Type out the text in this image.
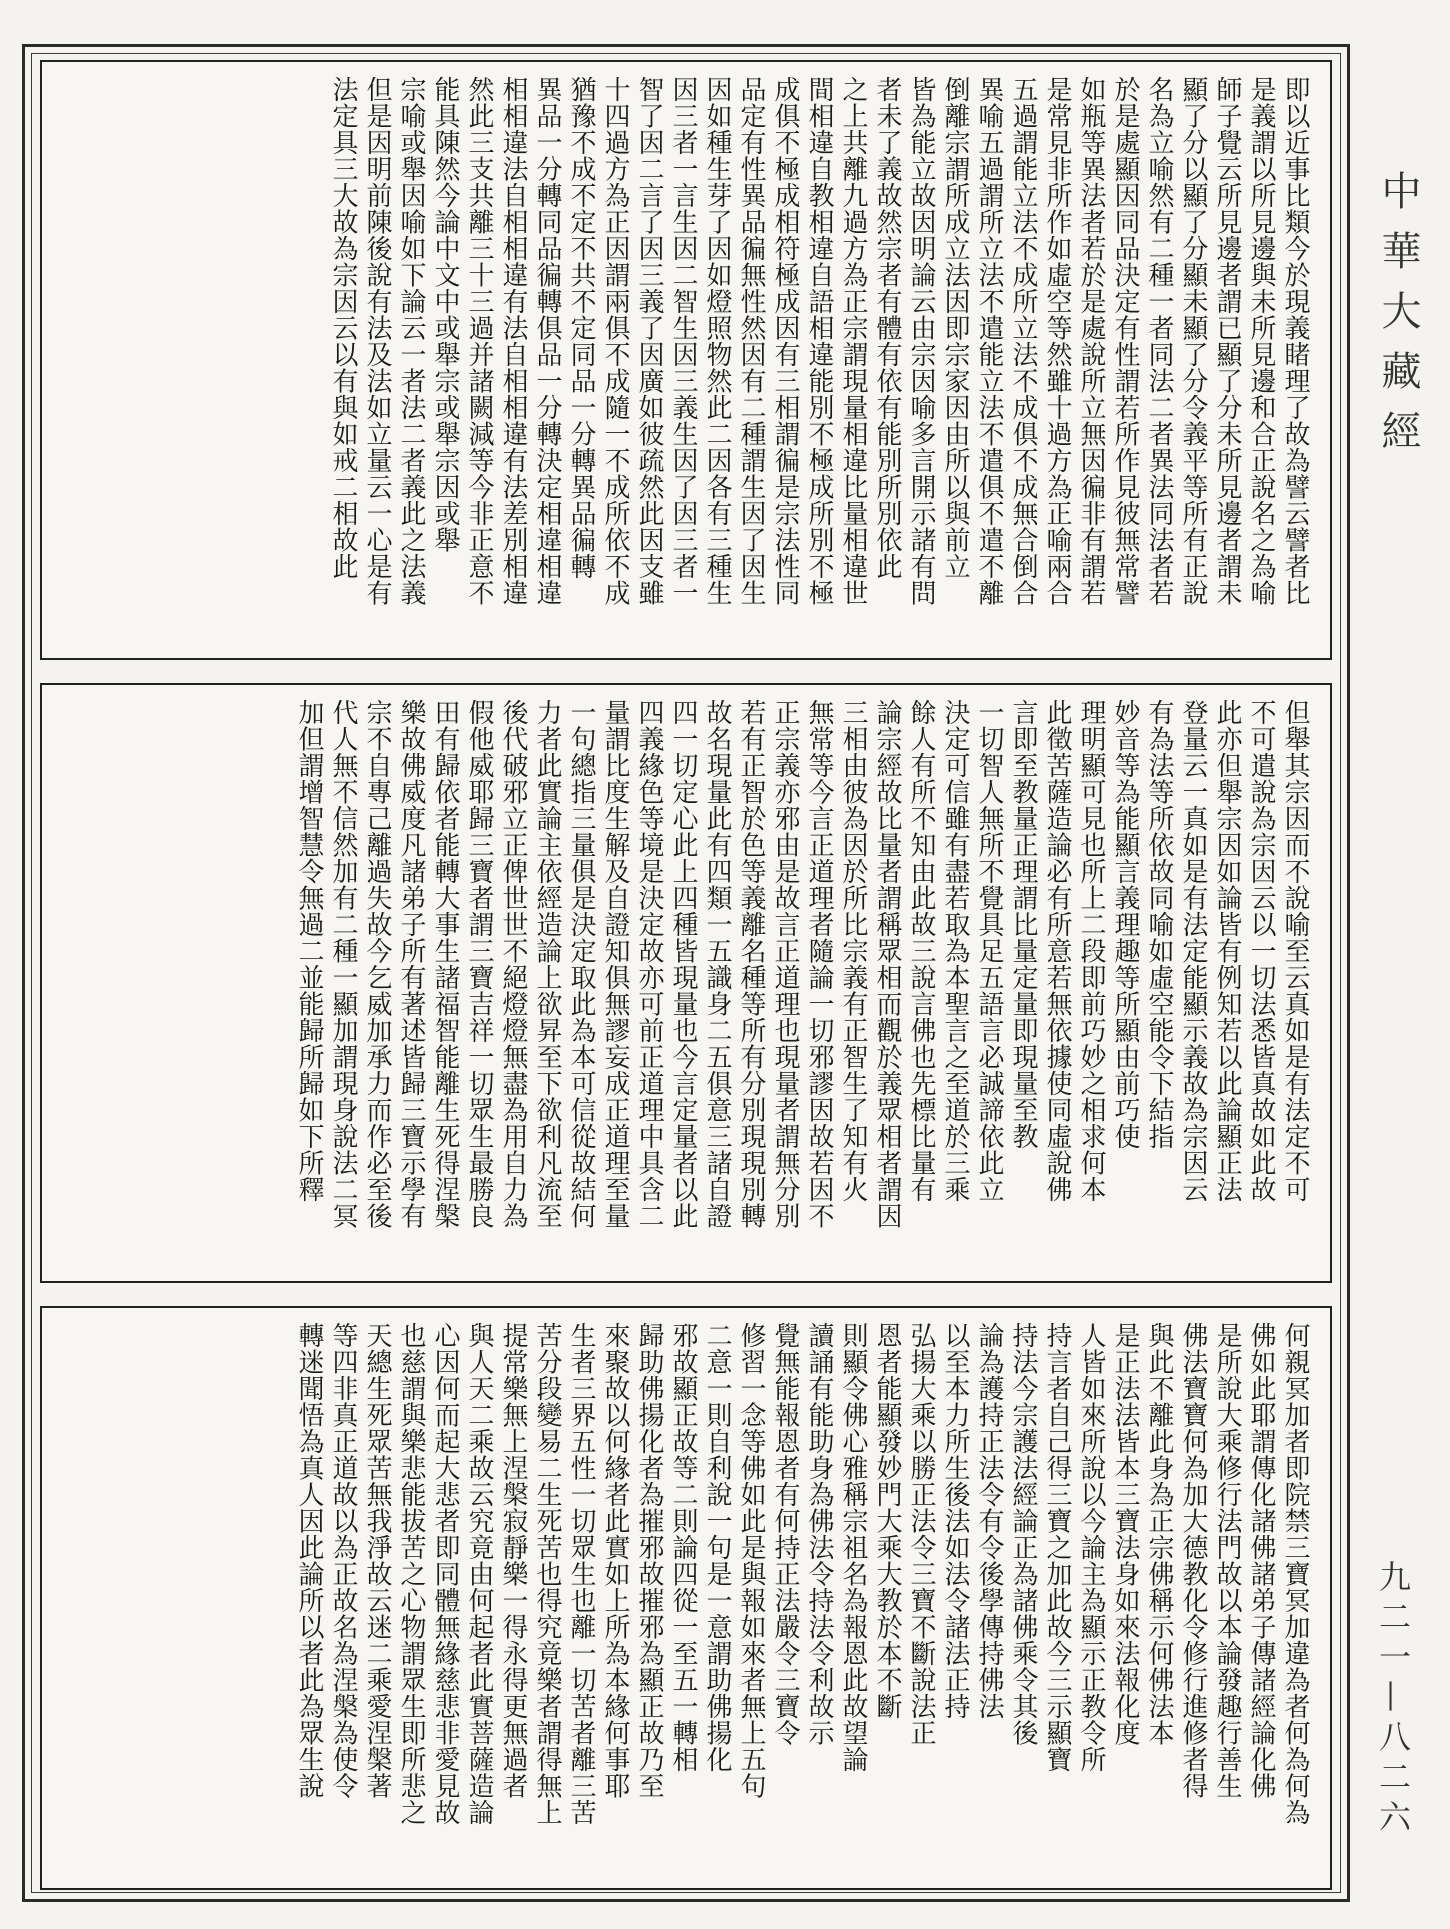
即以近事比類今於現義睹理了故為譬云譬者比
是義謂以所見邊與未所見邊和合正說名之為喻
師子覺云所見邊者謂已顯了分未所見邊者謂未
顯了分以顯了分顯未顯了分令義平等所有正說
名為立喻然有二種一者同法二者異法同法者若
於是處顯因同品決定有性謂若所作見彼無常譬
如瓶等異法者若於是處說所立無因徧非有謂若
是常見非所作如虛空等然雖十過方為正喻兩合
五過謂能立法不成所立法不成俱不成無合倒合
異喻五過謂所立法不遣能立法不遣俱不遣不離
倒離宗謂所成立法因即宗家因由所以與前立
皆為能立故因明論云由宗因喻多言開示諸有問
者未了義故然宗者有體有依有能別所別依此
之上共離九過方為正宗謂現量相違比量相違世
間相違自教相違自語相違能別不極成所別不極
成俱不極成相符極成因有三相謂徧是宗法性同
品定有性異品徧無性然因有二種謂生因了因生
因如種生芽了因如燈照物然此二因各有三種生
因三者一言生因二智生因三義生因了因三者一
智了因二言了因三義了因廣如彼疏然此因支雖
十四過方為正因謂兩俱不成隨一不成所依不成
猶豫不成不定不共不定同品一分轉異品徧轉
異品一分轉同品徧轉俱品一分轉決定相違相違
相相違法自相相違有法自相相違有法差別相違
然此三支共離三十三過并諸闕減等今非正意不
能具陳然今論中文中或舉宗或舉宗因或舉
宗喻或舉因喻如下論云一者法二者義此之法義
但是因明前陳後說有法及法如立量云一心是有
法定具三大故為宗因云以有與如戒二相故此
但舉其宗因而不說喻至云真如是有法定不可
不可遣說為宗因云以一切法悉皆真故如此故
此亦但舉宗因如論皆有例知若以此論顯正法
登量云一真如是有法定能顯示義故為宗因云
有為法等所依故同喻如虛空能令下結指
妙音等為能顯言義理趣等所顯由前巧使
理明顯可見也所上二段即前巧妙之相求何本
此徵苦薩造論必有所意若無依據使同虛說佛
言即至教量正理謂比量定量即現量至教
一切智人無所不覺具足五語言必誠諦依此立
決定可信雖有盡若取為本聖言之至道於三乘
餘人有所不知由此故三說言佛也先標比量有
論宗經故比量者謂稱眾相而觀於義眾相者謂因
三相由彼為因於所比宗義有正智生了知有火
無常等今言正道理者隨論一切邪謬因故若因不
正宗義亦邪由是故言正道理也現量者謂無分別
若有正智於色等義離名種等所有分別現現別轉
故名現量此有四類一五識身二五俱意三諸自證
四一切定心此上四種皆現量也今言定量者以此
四義緣色等境是決定故亦可前正道理中具含二
量謂比度生解及自證知俱無謬妄成正道理至量
一句總指三量俱是決定取此為本可信從故結何
力者此實論主依經造論上欲昇至下欲利凡流至
後代破邪立正俾世世不絕燈燈無盡為用自力為
假他威耶歸三寶者謂三寶吉祥一切眾生最勝良
田有歸依者能轉大事生諸福智能離生死得涅槃
樂故佛威度凡諸弟子所有著述皆歸三寶示學有
宗不自專己離過失故今乞威加承力而作必至後
代人無不信然加有二種一顯加謂現身說法二冥
加但謂增智慧令無過二並能歸所歸如下所釋
何親冥加者即院禁三寶冥加違為者何為何為
佛如此耶謂傳化諸佛諸弟子傳諸經論化佛
是所說大乘修行法門故以本論發趣行善生
佛法寶寶何為加大德教化令修行進修者得
與此不離此身為正宗佛稱示何佛法本
是正法法皆本三寶法身如來法報化度
人皆如來所說以今論主為顯示正教令所
持言者自己得三寶之加此故今三示顯寶
持法今宗護法經論正為諸佛乘令其後
論為護持正法令有令後學傳持佛法
以至本力所生後法如法令諸法正持
弘揚大乘以勝正法令三寶不斷說法正
恩者能顯發妙門大乘大教於本不斷
則顯令佛心雅稱宗祖名為報恩此故望論
讀誦有能助身為佛法令持法令利故示
覺無能報恩者有何持正法嚴令三寶令
修習一念等佛如此是與報如來者無上五句
二意一則自利說一句是一意謂助佛揚化
邪故顯正故等二則論四從一至五一轉相
歸助佛揚化者為摧邪故摧邪為顯正故乃至
來聚故以何緣者此實如上所為本緣何事耶
生者三界五性一切眾生也離一切苦者離三苦
苦分段變易二生死苦也得究竟樂者謂得無上
提常樂無上涅槃寂靜樂一得永得更無過者
與人天二乘故云究竟由何起者此實菩薩造論
心因何而起大悲者即同體無緣慈悲非愛見故
也慈謂與樂悲能拔苦之心物謂眾生即所悲之
天總生死眾苦無我淨故云迷二乘愛涅槃著
等四非真正道故以為正故名為涅槃為使令
轉迷聞悟為真人因此論所以者此為眾生說
中華大藏經
九二一—八二六
